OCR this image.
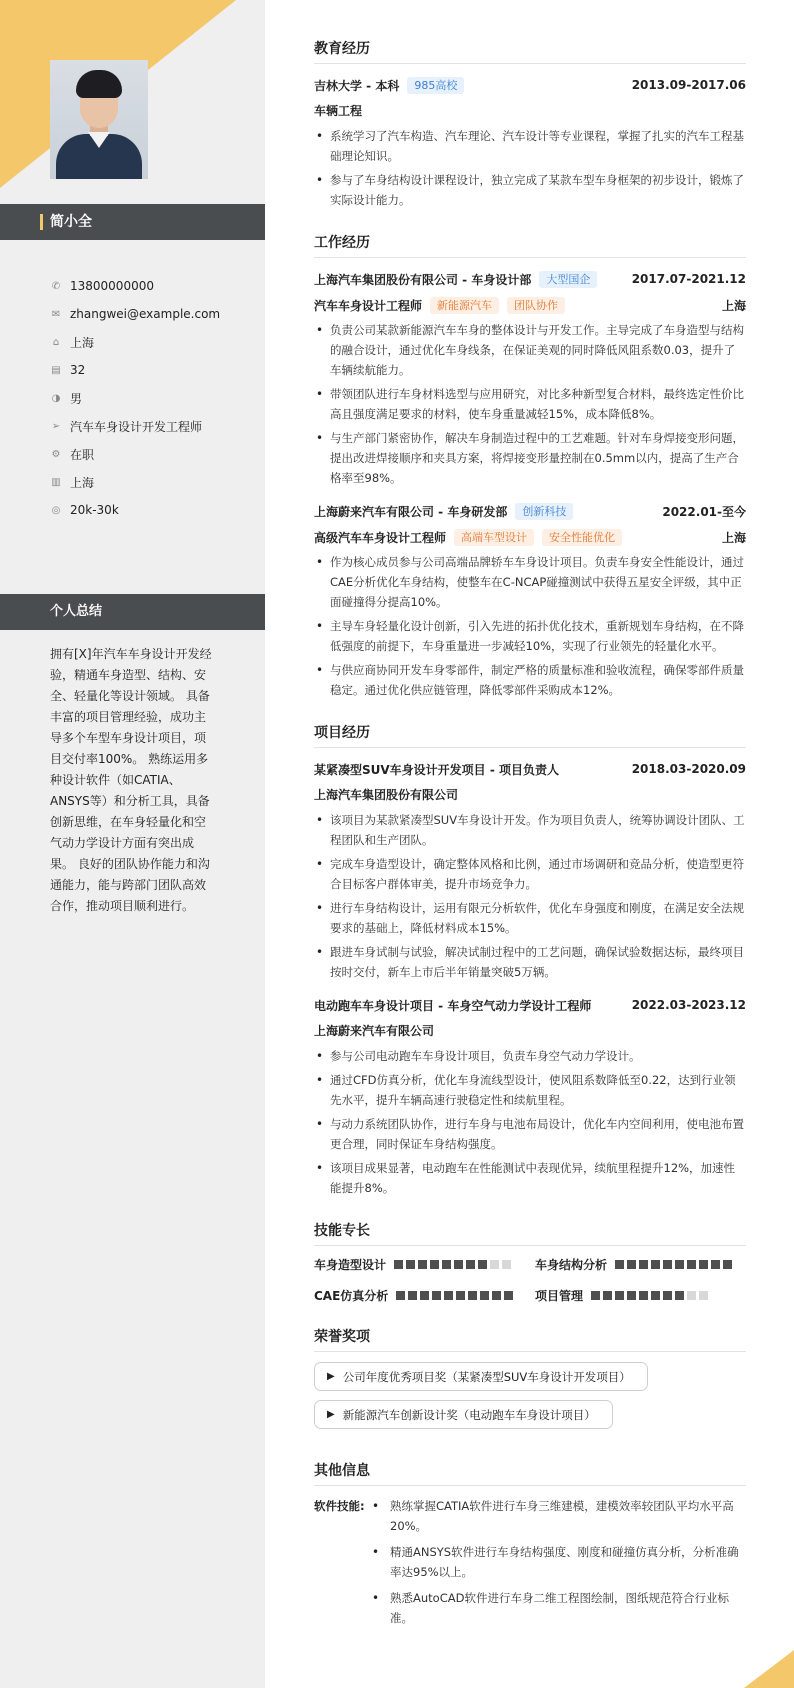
简小全
✆ 13800000000
✉ zhangwei@example.com
⌂ 上海
▤ 32
◑ 男
➢ 汽车车身设计开发工程师
⚙ 在职
▥ 上海
◎ 20k-30k
个人总结
拥有[X]年汽车车身设计开发经验，精通车身造型、结构、安全、轻量化等设计领域。 具备丰富的项目管理经验，成功主导多个车型车身设计项目，项目交付率100%。 熟练运用多种设计软件（如CATIA、ANSYS等）和分析工具，具备创新思维，在车身轻量化和空气动力学设计方面有突出成果。 良好的团队协作能力和沟通能力，能与跨部门团队高效合作，推动项目顺利进行。
教育经历
吉林大学 - 本科	985高校	2013.09-2017.06
车辆工程
• 系统学习了汽车构造、汽车理论、汽车设计等专业课程，掌握了扎实的汽车工程基础理论知识。
• 参与了车身结构设计课程设计，独立完成了某款车型车身框架的初步设计，锻炼了实际设计能力。
工作经历
上海汽车集团股份有限公司 - 车身设计部	大型国企	2017.07-2021.12
汽车车身设计工程师	新能源汽车	团队协作	上海
• 负责公司某款新能源汽车车身的整体设计与开发工作。主导完成了车身造型与结构的融合设计，通过优化车身线条，在保证美观的同时降低风阻系数0.03，提升了车辆续航能力。
• 带领团队进行车身材料选型与应用研究，对比多种新型复合材料，最终选定性价比高且强度满足要求的材料，使车身重量减轻15%，成本降低8%。
• 与生产部门紧密协作，解决车身制造过程中的工艺难题。针对车身焊接变形问题，提出改进焊接顺序和夹具方案，将焊接变形量控制在0.5mm以内，提高了生产合格率至98%。
上海蔚来汽车有限公司 - 车身研发部	创新科技	2022.01-至今
高级汽车车身设计工程师	高端车型设计	安全性能优化	上海
• 作为核心成员参与公司高端品牌轿车车身设计项目。负责车身安全性能设计，通过CAE分析优化车身结构，使整车在C-NCAP碰撞测试中获得五星安全评级，其中正面碰撞得分提高10%。
• 主导车身轻量化设计创新，引入先进的拓扑优化技术，重新规划车身结构，在不降低强度的前提下，车身重量进一步减轻10%，实现了行业领先的轻量化水平。
• 与供应商协同开发车身零部件，制定严格的质量标准和验收流程，确保零部件质量稳定。通过优化供应链管理，降低零部件采购成本12%。
项目经历
某紧凑型SUV车身设计开发项目 - 项目负责人	2018.03-2020.09
上海汽车集团股份有限公司
• 该项目为某款紧凑型SUV车身设计开发。作为项目负责人，统筹协调设计团队、工程团队和生产团队。
• 完成车身造型设计，确定整体风格和比例，通过市场调研和竞品分析，使造型更符合目标客户群体审美，提升市场竞争力。
• 进行车身结构设计，运用有限元分析软件，优化车身强度和刚度，在满足安全法规要求的基础上，降低材料成本15%。
• 跟进车身试制与试验，解决试制过程中的工艺问题，确保试验数据达标，最终项目按时交付，新车上市后半年销量突破5万辆。
电动跑车车身设计项目 - 车身空气动力学设计工程师	2022.03-2023.12
上海蔚来汽车有限公司
• 参与公司电动跑车车身设计项目，负责车身空气动力学设计。
• 通过CFD仿真分析，优化车身流线型设计，使风阻系数降低至0.22，达到行业领先水平，提升车辆高速行驶稳定性和续航里程。
• 与动力系统团队协作，进行车身与电池布局设计，优化车内空间利用，使电池布置更合理，同时保证车身结构强度。
• 该项目成果显著，电动跑车在性能测试中表现优异，续航里程提升12%，加速性能提升8%。
技能专长
车身造型设计	车身结构分析
CAE仿真分析	项目管理
荣誉奖项
▶ 公司年度优秀项目奖（某紧凑型SUV车身设计开发项目）
▶ 新能源汽车创新设计奖（电动跑车车身设计项目）
其他信息
软件技能:
•	熟练掌握CATIA软件进行车身三维建模，建模效率较团队平均水平高20%。
• 精通ANSYS软件进行车身结构强度、刚度和碰撞仿真分析，分析准确率达95%以上。
• 熟悉AutoCAD软件进行车身二维工程图绘制，图纸规范符合行业标准。
